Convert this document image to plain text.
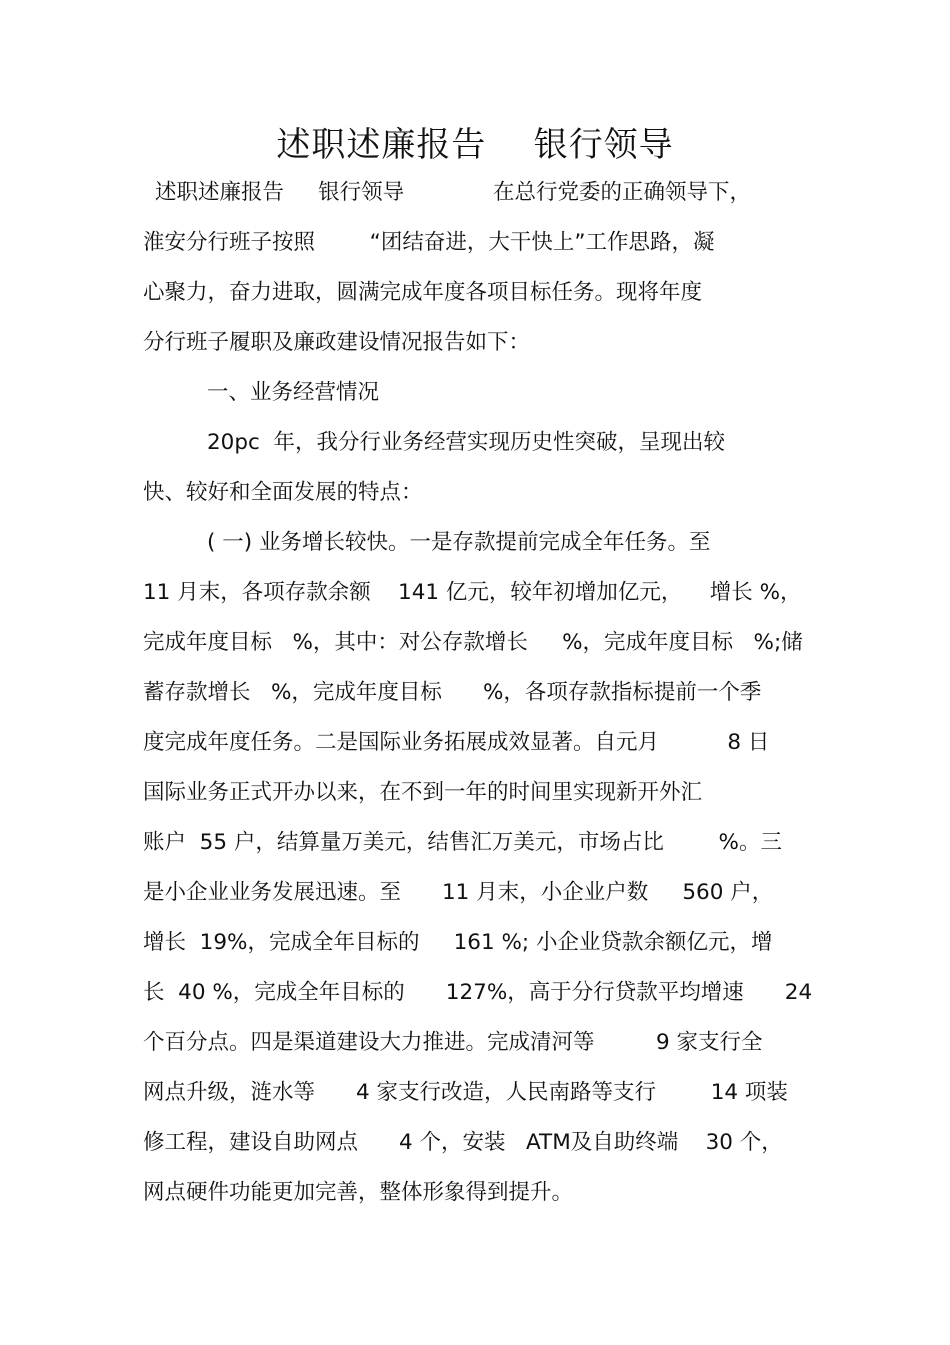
述职述廉报告    银行领导
述职述廉报告     银行领导             在总行党委的正确领导下，
淮安分行班子按照        “团结奋进，大干快上”工作思路，凝
心聚力，奋力进取，圆满完成年度各项目标任务。现将年度
分行班子履职及廉政建设情况报告如下：
一、业务经营情况
20pc  年，我分行业务经营实现历史性突破，呈现出较
快、较好和全面发展的特点：
( 一) 业务增长较快。一是存款提前完成全年任务。至
11 月末，各项存款余额    141 亿元，较年初增加亿元，    增长 %，
完成年度目标   %，其中：对公存款增长     %，完成年度目标   %;储
蓄存款增长   %，完成年度目标      %，各项存款指标提前一个季
度完成年度任务。二是国际业务拓展成效显著。自元月          8 日
国际业务正式开办以来，在不到一年的时间里实现新开外汇
账户  55 户，结算量万美元，结售汇万美元，市场占比        %。三
是小企业业务发展迅速。至      11 月末，小企业户数     560 户，
增长  19%，完成全年目标的     161 %; 小企业贷款余额亿元，增
长  40 %，完成全年目标的      127%，高于分行贷款平均增速      24
个百分点。四是渠道建设大力推进。完成清河等         9 家支行全
网点升级，涟水等      4 家支行改造，人民南路等支行        14 项装
修工程，建设自助网点      4 个，安装   ATM及自助终端    30 个，
网点硬件功能更加完善，整体形象得到提升。
